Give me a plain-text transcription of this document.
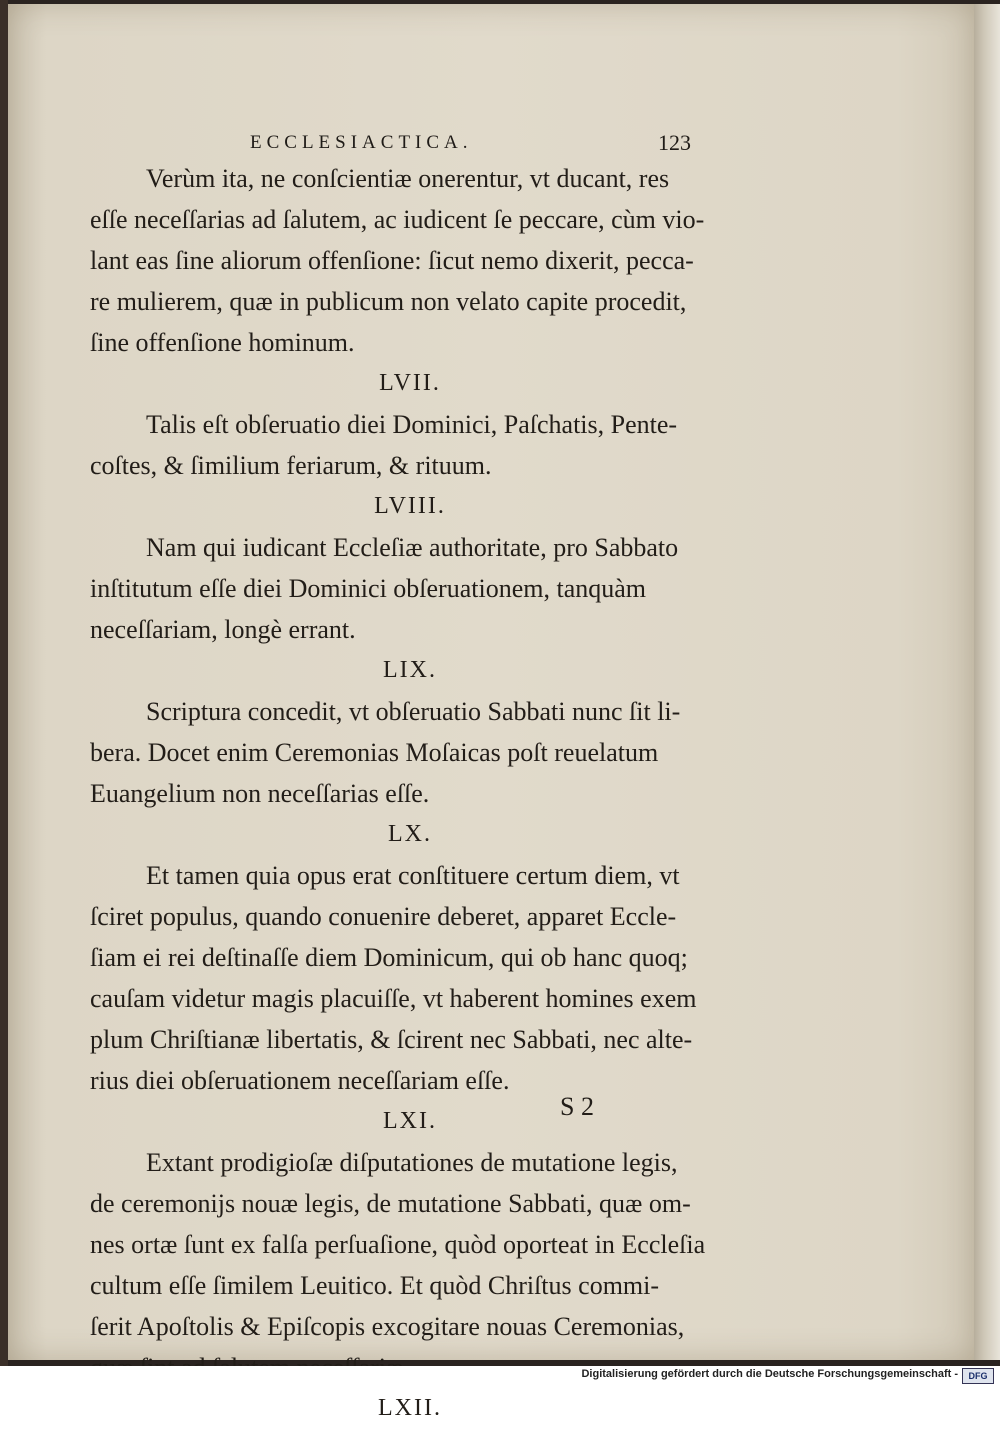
ECCLESIACTICA.	123
Verùm ita, ne conſcientiæ onerentur, vt ducant, res
eſſe neceſſarias ad ſalutem, ac iudicent ſe peccare, cùm vio-
lant eas ſine aliorum offenſione: ſicut nemo dixerit, pecca-
re mulierem, quæ in publicum non velato capite procedit,
ſine offenſione hominum.
LVII.
Talis eſt obſeruatio diei Dominici, Paſchatis, Pente-
coſtes, & ſimilium feriarum, & rituum.
LVIII.
Nam qui iudicant Eccleſiæ authoritate, pro Sabbato
inſtitutum eſſe diei Dominici obſeruationem, tanquàm
neceſſariam, longè errant.
LIX.
Scriptura concedit, vt obſeruatio Sabbati nunc ſit li-
bera. Docet enim Ceremonias Moſaicas poſt reuelatum
Euangelium non neceſſarias eſſe.
LX.
Et tamen quia opus erat conſtituere certum diem, vt
ſciret populus, quando conuenire deberet, apparet Eccle-
ſiam ei rei deſtinaſſe diem Dominicum, qui ob hanc quoq;
cauſam videtur magis placuiſſe, vt haberent homines exem
plum Chriſtianæ libertatis, & ſcirent nec Sabbati, nec alte-
rius diei obſeruationem neceſſariam eſſe.
LXI.
Extant prodigioſæ diſputationes de mutatione legis,
de ceremonijs nouæ legis, de mutatione Sabbati, quæ om-
nes ortæ ſunt ex falſa perſuaſione, quòd oporteat in Eccleſia
cultum eſſe ſimilem Leuitico. Et quòd Chriſtus commi-
ſerit Apoſtolis & Epiſcopis excogitare nouas Ceremonias,
LXII.
S 2
Digitalisierung gefördert durch die Deutsche Forschungsgemeinschaft -	DFG
